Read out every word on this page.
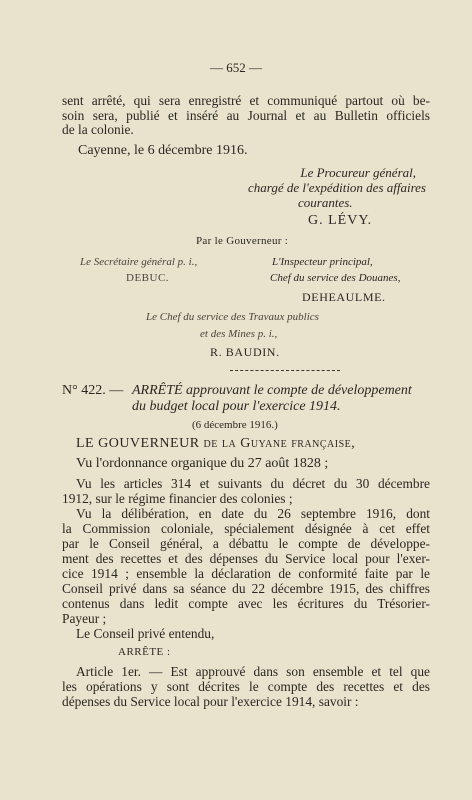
— 652 —
sent arrêté, qui sera enregistré et communiqué partout où be-
soin sera, publié et inséré au Journal et au Bulletin officiels
de la colonie.
Cayenne, le 6 décembre 1916.
Le Procureur général,
chargé de l'expédition des affaires
courantes.
G. LÉVY.
Par le Gouverneur :
Le Secrétaire général p. i.,
DEBUC.
L'Inspecteur principal,
Chef du service des Douanes,
DEHEAULME.
Le Chef du service des Travaux publics
et des Mines p. i.,
R. BAUDIN.
N° 422. — ARRÊTÉ approuvant le compte de développement
du budget local pour l'exercice 1914.
(6 décembre 1916.)
LE GOUVERNEUR de la Guyane française,
Vu l'ordonnance organique du 27 août 1828 ;
Vu les articles 314 et suivants du décret du 30 décembre
1912, sur le régime financier des colonies ;
Vu la délibération, en date du 26 septembre 1916, dont
la Commission coloniale, spécialement désignée à cet effet
par le Conseil général, a débattu le compte de développe-
ment des recettes et des dépenses du Service local pour l'exer-
cice 1914 ; ensemble la déclaration de conformité faite par le
Conseil privé dans sa séance du 22 décembre 1915, des chiffres
contenus dans ledit compte avec les écritures du Trésorier-
Payeur ;
Le Conseil privé entendu,
ARRÊTE :
Article 1er. — Est approuvé dans son ensemble et tel que
les opérations y sont décrites le compte des recettes et des
dépenses du Service local pour l'exercice 1914, savoir :
